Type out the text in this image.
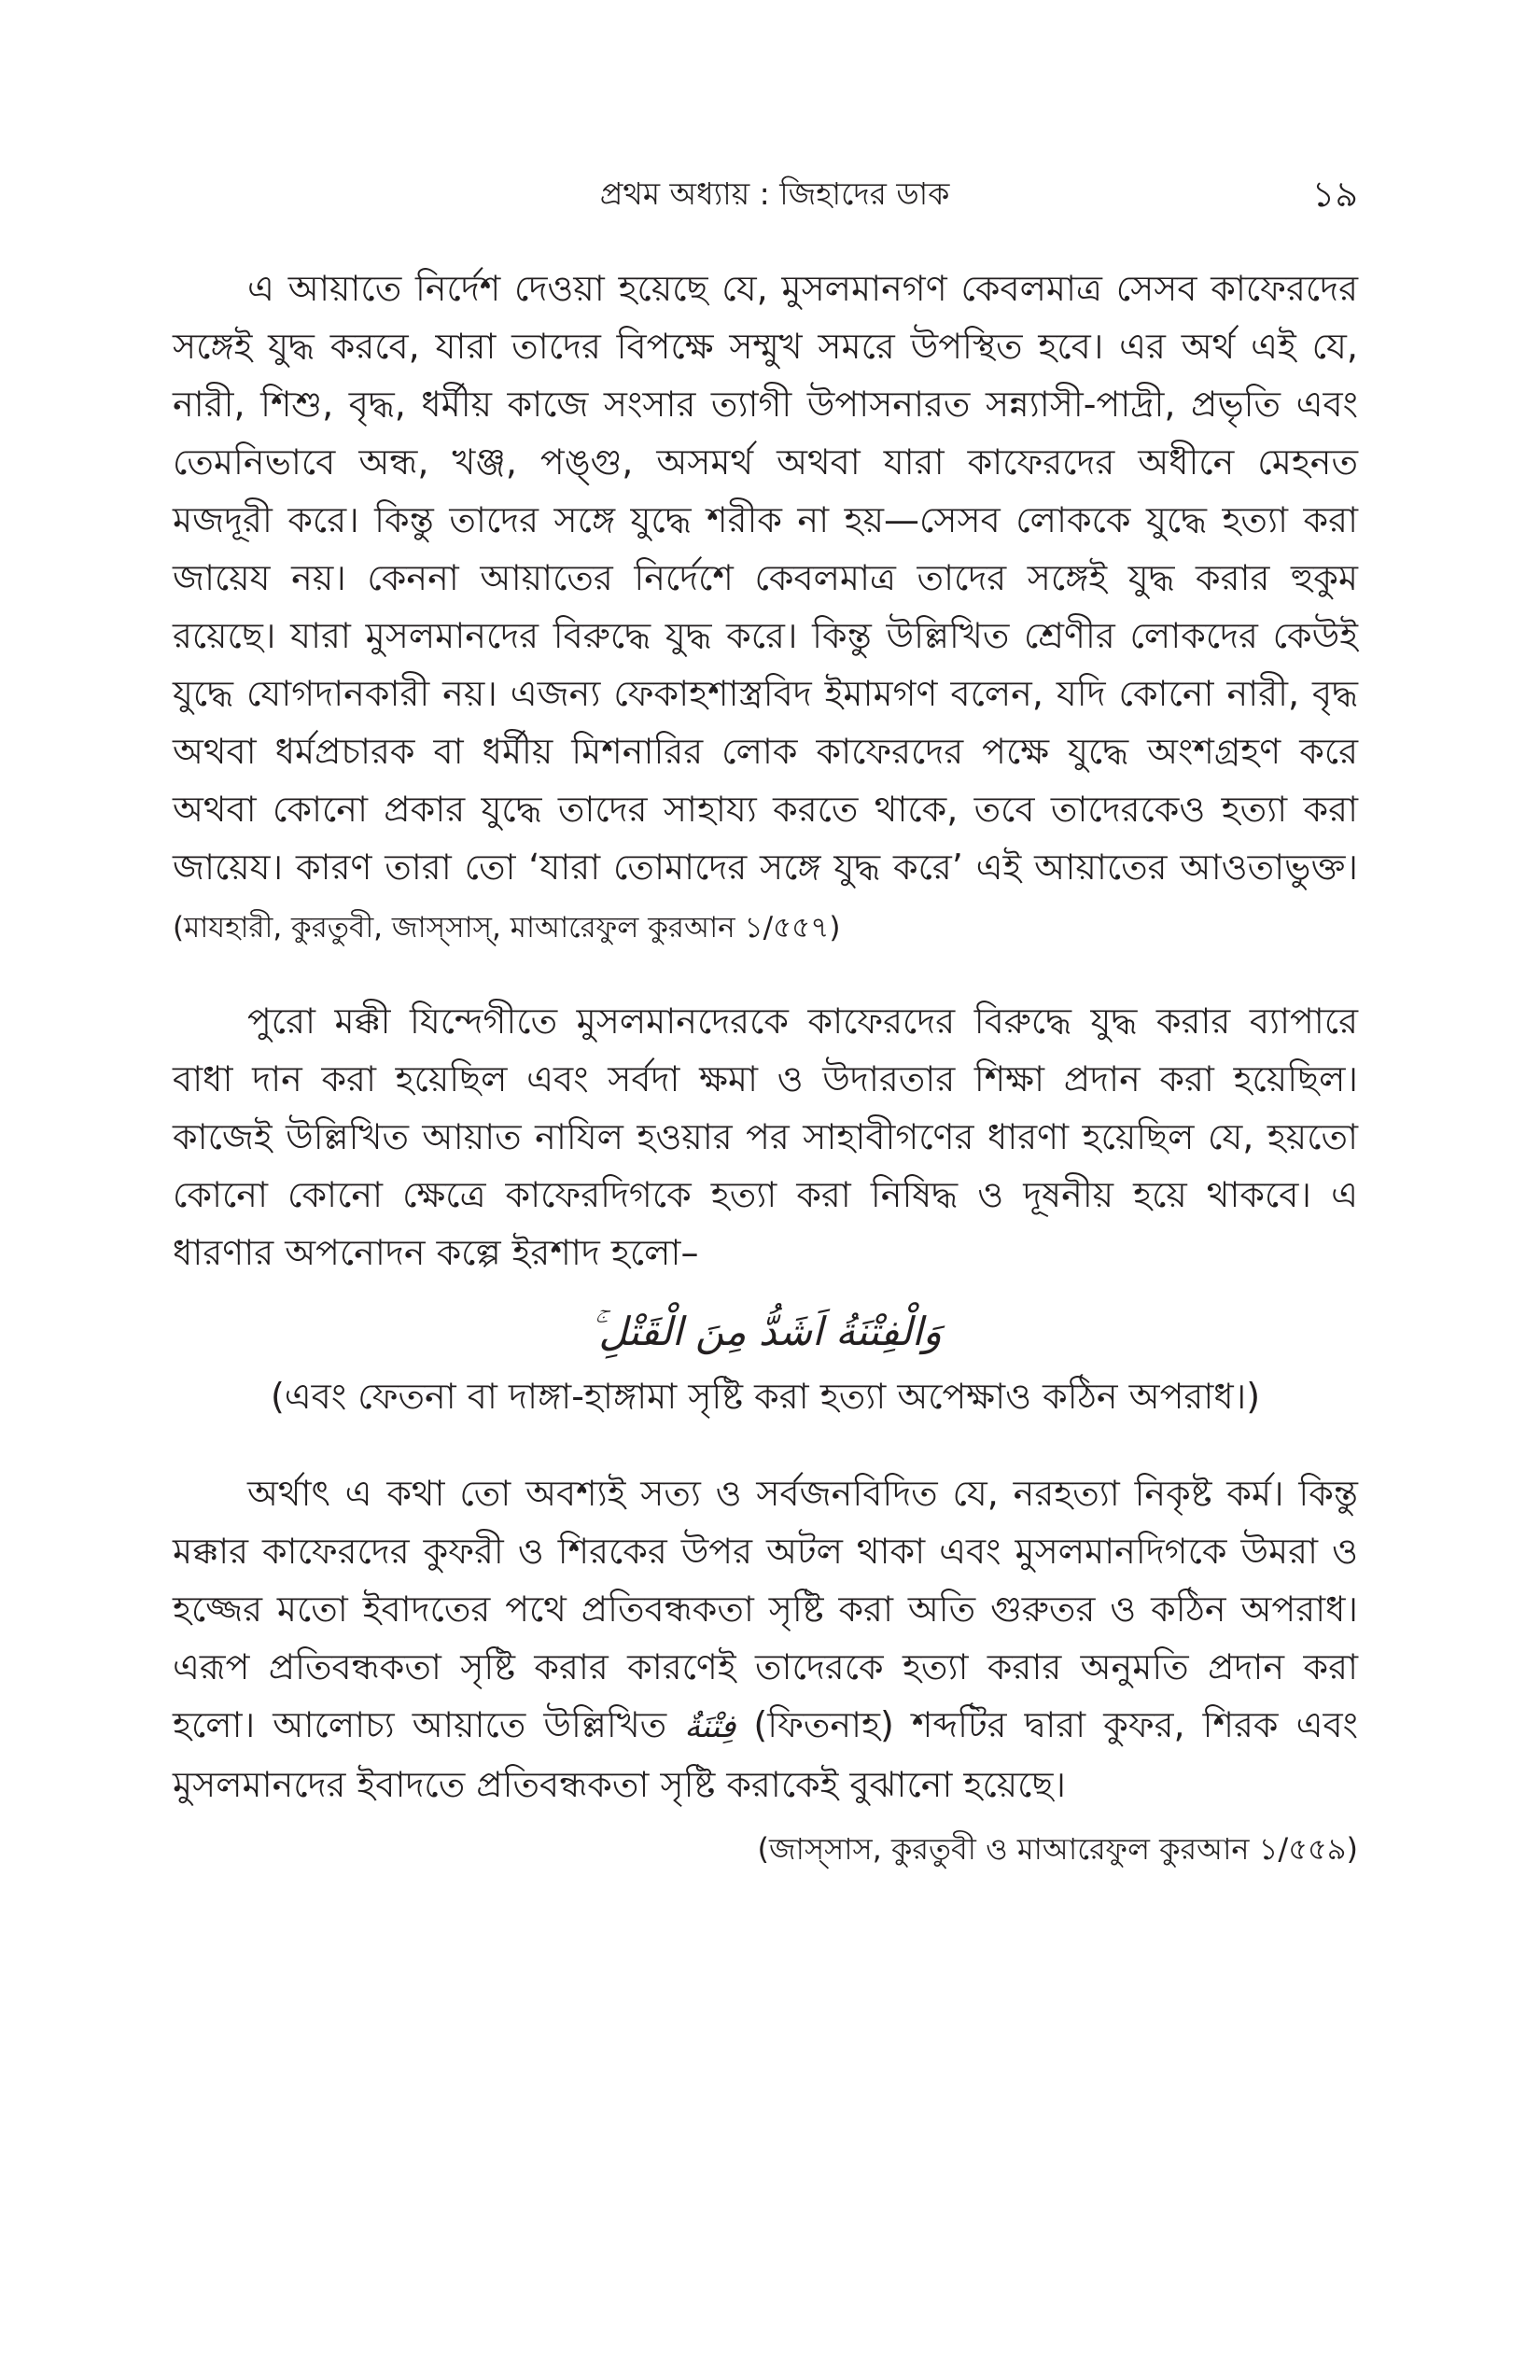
প্রথম অধ্যায় : জিহাদের ডাক	১৯

এ আয়াতে নির্দেশ দেওয়া হয়েছে যে, মুসলমানগণ কেবলমাত্র সেসব কাফেরদের সঙ্গেই যুদ্ধ করবে, যারা তাদের বিপক্ষে সম্মুখ সমরে উপস্থিত হবে। এর অর্থ এই যে, নারী, শিশু, বৃদ্ধ, ধর্মীয় কাজে সংসার ত্যাগী উপাসনারত সন্ন্যাসী-পাদ্রী, প্রভৃতি এবং তেমনিভাবে অন্ধ, খঞ্জ, পঙ্গু, অসমর্থ অথবা যারা কাফেরদের অধীনে মেহনত মজদূরী করে। কিন্তু তাদের সঙ্গে যুদ্ধে শরীক না হয়—সেসব লোককে যুদ্ধে হত্যা করা জায়েয নয়। কেননা আয়াতের নির্দেশে কেবলমাত্র তাদের সঙ্গেই যুদ্ধ করার হুকুম রয়েছে। যারা মুসলমানদের বিরুদ্ধে যুদ্ধ করে। কিন্তু উল্লিখিত শ্রেণীর লোকদের কেউই যুদ্ধে যোগদানকারী নয়। এজন্য ফেকাহশাস্ত্রবিদ ইমামগণ বলেন, যদি কোনো নারী, বৃদ্ধ অথবা ধর্মপ্রচারক বা ধর্মীয় মিশনারির লোক কাফেরদের পক্ষে যুদ্ধে অংশগ্রহণ করে অথবা কোনো প্রকার যুদ্ধে তাদের সাহায্য করতে থাকে, তবে তাদেরকেও হত্যা করা জায়েয। কারণ তারা তো ‘যারা তোমাদের সঙ্গে যুদ্ধ করে’ এই আয়াতের আওতাভুক্ত। (মাযহারী, কুরতুবী, জাস্‌সাস্‌, মাআরেফুল কুরআন ১/৫৫৭)

পুরো মক্কী যিন্দেগীতে মুসলমানদেরকে কাফেরদের বিরুদ্ধে যুদ্ধ করার ব্যাপারে বাধা দান করা হয়েছিল এবং সর্বদা ক্ষমা ও উদারতার শিক্ষা প্রদান করা হয়েছিল। কাজেই উল্লিখিত আয়াত নাযিল হওয়ার পর সাহাবীগণের ধারণা হয়েছিল যে, হয়তো কোনো কোনো ক্ষেত্রে কাফেরদিগকে হত্যা করা নিষিদ্ধ ও দূষনীয় হয়ে থাকবে। এ ধারণার অপনোদন কল্পে ইরশাদ হলো–

وَالْفِتْنَةُ اَشَدُّ مِنَ الْقَتْلِ ۚ

(এবং ফেতনা বা দাঙ্গা-হাঙ্গামা সৃষ্টি করা হত্যা অপেক্ষাও কঠিন অপরাধ।)

অর্থাৎ এ কথা তো অবশ্যই সত্য ও সর্বজনবিদিত যে, নরহত্যা নিকৃষ্ট কর্ম। কিন্তু মক্কার কাফেরদের কুফরী ও শিরকের উপর অটল থাকা এবং মুসলমানদিগকে উমরা ও হজ্জের মতো ইবাদতের পথে প্রতিবন্ধকতা সৃষ্টি করা অতি গুরুতর ও কঠিন অপরাধ। এরূপ প্রতিবন্ধকতা সৃষ্টি করার কারণেই তাদেরকে হত্যা করার অনুমতি প্রদান করা হলো। আলোচ্য আয়াতে উল্লিখিত فِتْنَةٌ (ফিতনাহ) শব্দটির দ্বারা কুফর, শিরক এবং মুসলমানদের ইবাদতে প্রতিবন্ধকতা সৃষ্টি করাকেই বুঝানো হয়েছে।

(জাস্‌সাস, কুরতুবী ও মাআরেফুল কুরআন ১/৫৫৯)
